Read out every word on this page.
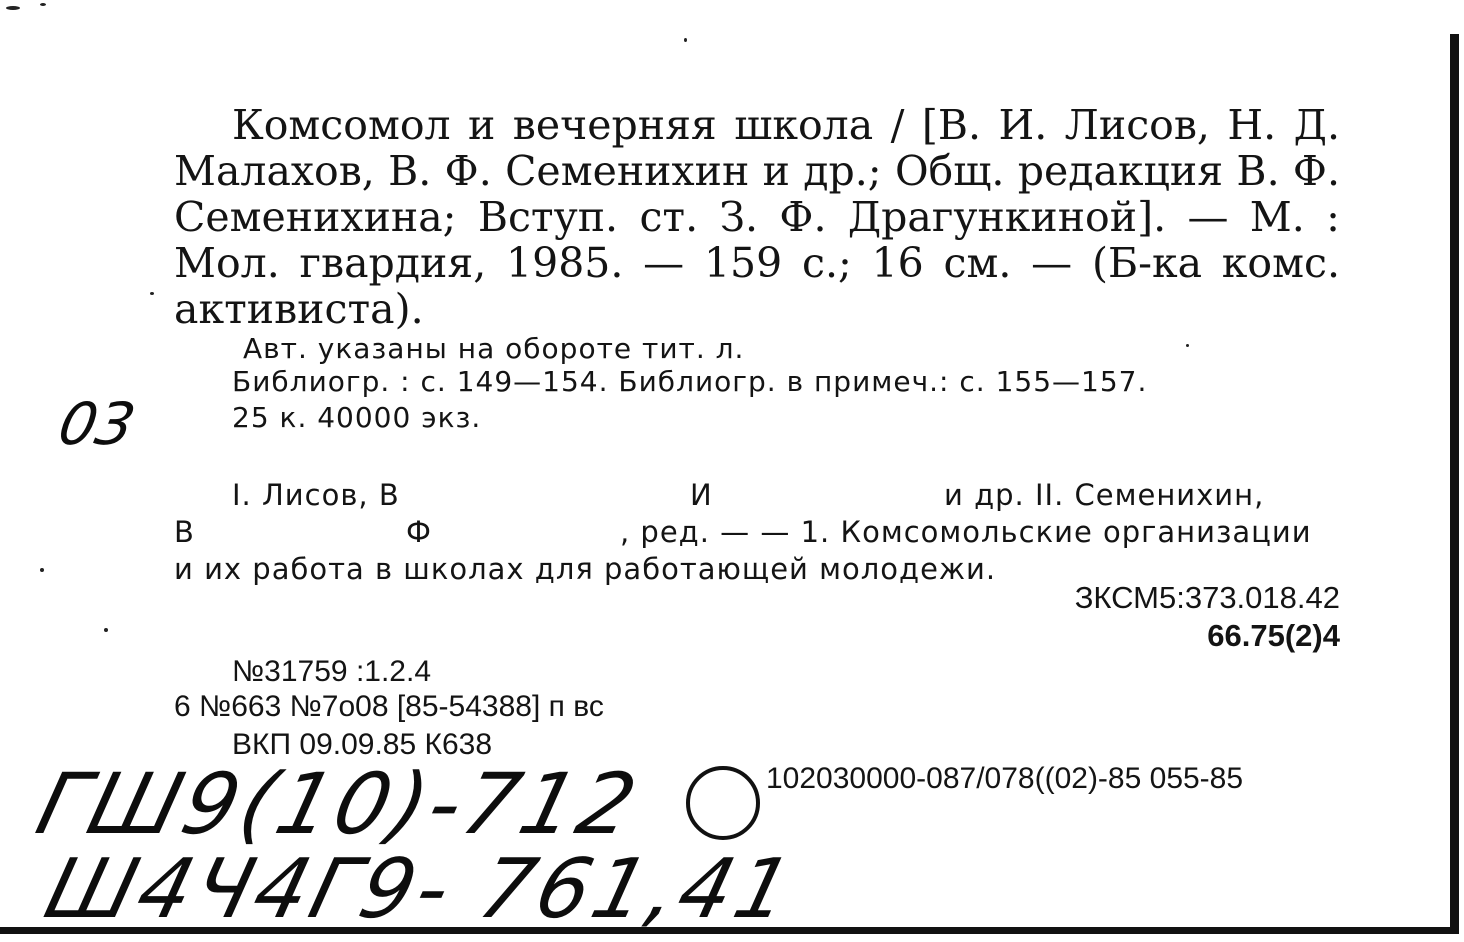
Комсомол и вечерняя школа / [В. И. Лисов, Н. Д. Малахов, В. Ф. Семенихин и др.; Общ. редакция В. Ф. Семенихина; Вступ. ст. З. Ф. Драгункиной]. — М. : Мол. гвардия, 1985. — 159 с.; 16 см. — (Б-ка комс. активиста).
Авт. указаны на обороте тит. л.
Библиогр. : с. 149—154. Библиогр. в примеч.: с. 155—157.
25 к. 40000 экз.
I. Лисов, В	И	и др. II. Семенихин,
В	Ф	, ред. — — 1. Комсомольские организации
и их работа в школах для работающей молодежи.
ЗКСМ5:373.018.42
66.75(2)4
№31759 :1.2.4
6 №663 №7о08 [85-54388] п вс
ВКП 09.09.85 К638
102030000-087/078((02)-85 055-85
03
ГШ9(10)-712
Ш4Ч4Г9- 761,41
